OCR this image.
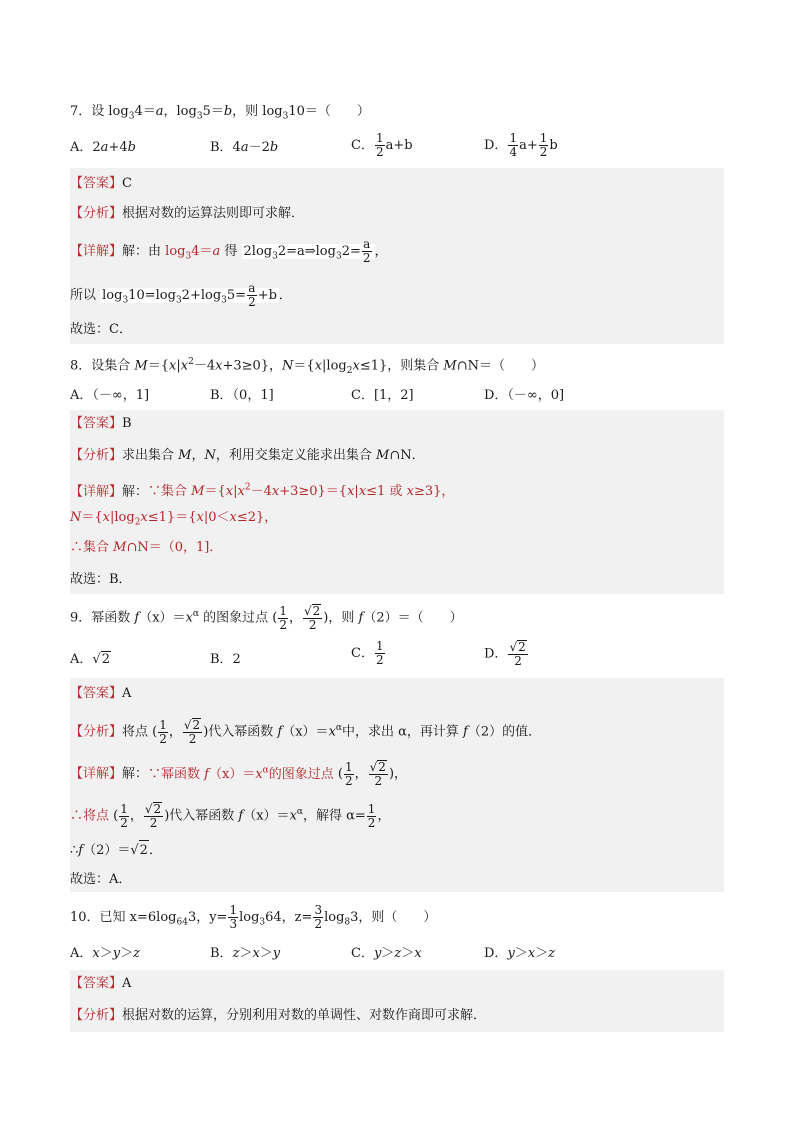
7．设 $\log_34=a$，$\log_35=b$，则 $\log_310=$（　　）
A．2a+4b	B．4a－2b	C． $\frac{1}{2} a+b$	D． $\frac{1}{4} a+ \frac{1}{2}$ b
【答案】C
【分析】根据对数的运算法则即可求解．
【详解】解：由 $\log_34=a$ 得 $2\log_32=a\Rightarrow\log_32= \frac{a}{2}$ ，
所以 $\log_310=\log_32+\log_35= \frac{a}{2} +b$ ．
故选：C．
8．设集合 $M=\{x|x^2-4x+3\ge 0\}$，$N=\{x|\log_2x\le 1\}$，则集合 M∩N＝（　　）
A．（－∞，1]	B．（0，1]	C．[1，2]	D．（－∞，0]
【答案】B
【分析】求出集合 M，N，利用交集定义能求出集合 M∩N．
【详解】解：∵集合 $M=\{x|x^2-4x+3\ge 0\}=\{x|x\le 1$ 或 x≥3}，
$N=\{x|\log_2x\le 1\}=\{x|0<x\le 2\}$，
∴集合 M∩N＝（0，1]．
故选：B．
9．幂函数 $f(x)=x^\alpha$ 的图象过点 ( $\frac{1}{2}$ ， $\frac{√2}{2}$ )，则 f（2）＝（　　）
A．√2	B．2	C． $\frac{1}{2}$	D． $\frac{√2}{2}$
【答案】A
【分析】将点 ( $\frac{1}{2}$ ， $\frac{√2}{2}$ )代入幂函数 $f(x)=x^\alpha$中，求出 α，再计算 f（2）的值．
【详解】解：∵幂函数 $f(x)=x^\alpha$的图象过点 ( $\frac{1}{2}$ ， $\frac{√2}{2}$ )，
∴将点 ( $\frac{1}{2}$ ， $\frac{√2}{2}$ )代入幂函数 $f(x)=x^\alpha$，解得 $\alpha= \frac{1}{2}$ ，
∴f（2）＝√2．
故选：A．
10．已知 $x=6\log_{64}3$，$y= \frac{1}{3} \log_364$，$z= \frac{3}{2} \log_83$，则（　　）
A．x＞y＞z	B．z＞x＞y	C．y＞z＞x	D．y＞x＞z
【答案】A
【分析】根据对数的运算，分别利用对数的单调性、对数作商即可求解．
